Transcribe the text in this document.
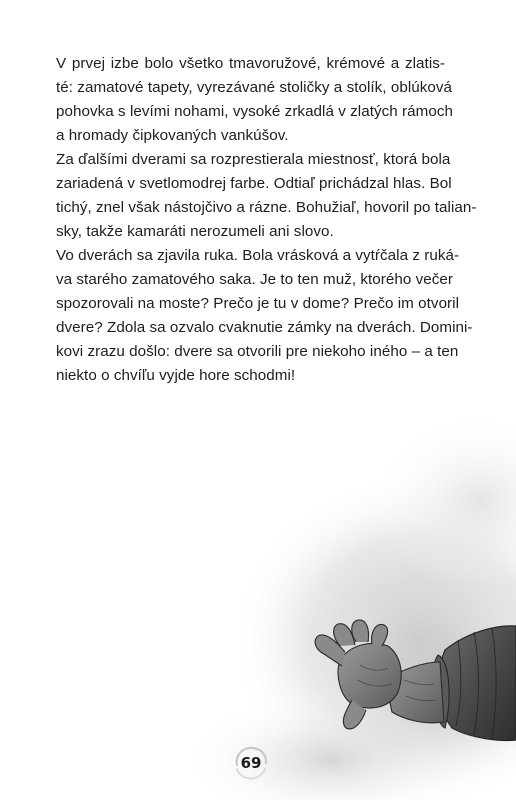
V prvej izbe bolo všetko tmavoružové, krémové a zlatis-
té: zamatové tapety, vyrezávané stoličky a stolík, oblúková
pohovka s levími nohami, vysoké zrkadlá v zlatých rámoch
a hromady čipkovaných vankúšov.
Za ďalšími dverami sa rozprestierala miestnosť, ktorá bola
zariadená v svetlomodrej farbe. Odtiaľ prichádzal hlas. Bol
tichý, znel však nástojčivo a rázne. Bohužiaľ, hovoril po talian-
sky, takže kamaráti nerozumeli ani slovo.
Vo dverách sa zjavila ruka. Bola vrásková a vytŕčala z ruká-
va starého zamatového saka. Je to ten muž, ktorého večer
spozorovali na moste? Prečo je tu v dome? Prečo im otvoril
dvere? Zdola sa ozvalo cvaknutie zámky na dverách. Domini-
kovi zrazu došlo: dvere sa otvorili pre niekoho iného – a ten
niekto o chvíľu vyjde hore schodmi!
69
